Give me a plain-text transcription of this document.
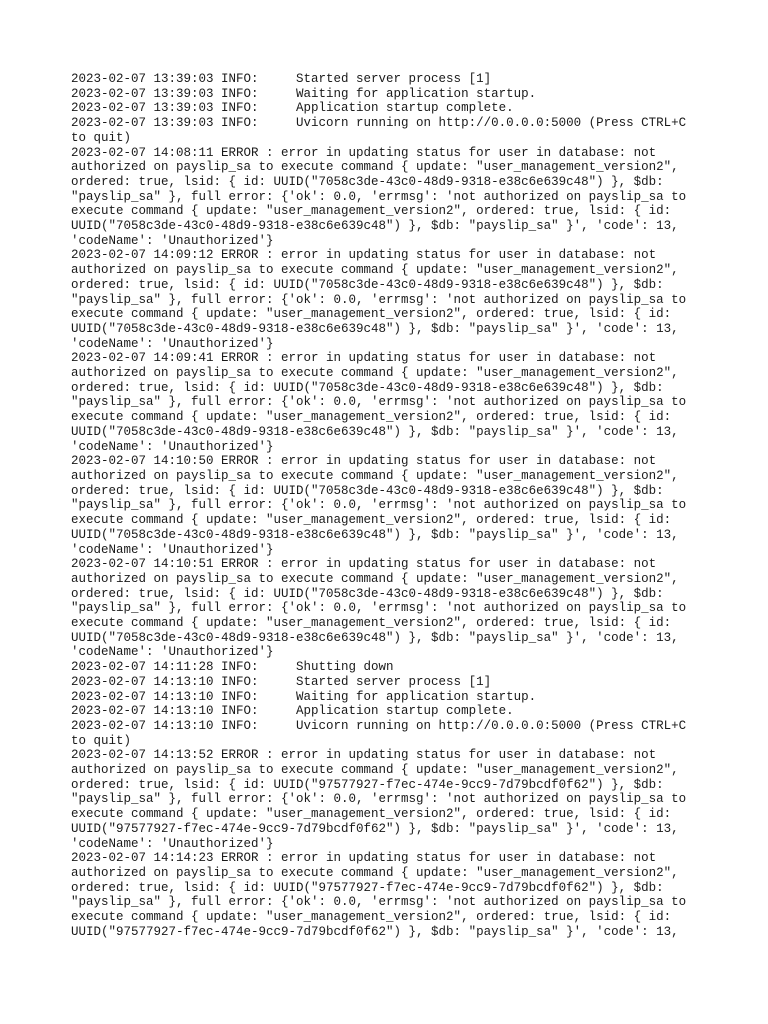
2023-02-07 13:39:03 INFO:     Started server process [1]
2023-02-07 13:39:03 INFO:     Waiting for application startup.
2023-02-07 13:39:03 INFO:     Application startup complete.
2023-02-07 13:39:03 INFO:     Uvicorn running on http://0.0.0.0:5000 (Press CTRL+C
to quit)
2023-02-07 14:08:11 ERROR : error in updating status for user in database: not
authorized on payslip_sa to execute command { update: "user_management_version2",
ordered: true, lsid: { id: UUID("7058c3de-43c0-48d9-9318-e38c6e639c48") }, $db:
"payslip_sa" }, full error: {'ok': 0.0, 'errmsg': 'not authorized on payslip_sa to
execute command { update: "user_management_version2", ordered: true, lsid: { id:
UUID("7058c3de-43c0-48d9-9318-e38c6e639c48") }, $db: "payslip_sa" }', 'code': 13,
'codeName': 'Unauthorized'}
2023-02-07 14:09:12 ERROR : error in updating status for user in database: not
authorized on payslip_sa to execute command { update: "user_management_version2",
ordered: true, lsid: { id: UUID("7058c3de-43c0-48d9-9318-e38c6e639c48") }, $db:
"payslip_sa" }, full error: {'ok': 0.0, 'errmsg': 'not authorized on payslip_sa to
execute command { update: "user_management_version2", ordered: true, lsid: { id:
UUID("7058c3de-43c0-48d9-9318-e38c6e639c48") }, $db: "payslip_sa" }', 'code': 13,
'codeName': 'Unauthorized'}
2023-02-07 14:09:41 ERROR : error in updating status for user in database: not
authorized on payslip_sa to execute command { update: "user_management_version2",
ordered: true, lsid: { id: UUID("7058c3de-43c0-48d9-9318-e38c6e639c48") }, $db:
"payslip_sa" }, full error: {'ok': 0.0, 'errmsg': 'not authorized on payslip_sa to
execute command { update: "user_management_version2", ordered: true, lsid: { id:
UUID("7058c3de-43c0-48d9-9318-e38c6e639c48") }, $db: "payslip_sa" }', 'code': 13,
'codeName': 'Unauthorized'}
2023-02-07 14:10:50 ERROR : error in updating status for user in database: not
authorized on payslip_sa to execute command { update: "user_management_version2",
ordered: true, lsid: { id: UUID("7058c3de-43c0-48d9-9318-e38c6e639c48") }, $db:
"payslip_sa" }, full error: {'ok': 0.0, 'errmsg': 'not authorized on payslip_sa to
execute command { update: "user_management_version2", ordered: true, lsid: { id:
UUID("7058c3de-43c0-48d9-9318-e38c6e639c48") }, $db: "payslip_sa" }', 'code': 13,
'codeName': 'Unauthorized'}
2023-02-07 14:10:51 ERROR : error in updating status for user in database: not
authorized on payslip_sa to execute command { update: "user_management_version2",
ordered: true, lsid: { id: UUID("7058c3de-43c0-48d9-9318-e38c6e639c48") }, $db:
"payslip_sa" }, full error: {'ok': 0.0, 'errmsg': 'not authorized on payslip_sa to
execute command { update: "user_management_version2", ordered: true, lsid: { id:
UUID("7058c3de-43c0-48d9-9318-e38c6e639c48") }, $db: "payslip_sa" }', 'code': 13,
'codeName': 'Unauthorized'}
2023-02-07 14:11:28 INFO:     Shutting down
2023-02-07 14:13:10 INFO:     Started server process [1]
2023-02-07 14:13:10 INFO:     Waiting for application startup.
2023-02-07 14:13:10 INFO:     Application startup complete.
2023-02-07 14:13:10 INFO:     Uvicorn running on http://0.0.0.0:5000 (Press CTRL+C
to quit)
2023-02-07 14:13:52 ERROR : error in updating status for user in database: not
authorized on payslip_sa to execute command { update: "user_management_version2",
ordered: true, lsid: { id: UUID("97577927-f7ec-474e-9cc9-7d79bcdf0f62") }, $db:
"payslip_sa" }, full error: {'ok': 0.0, 'errmsg': 'not authorized on payslip_sa to
execute command { update: "user_management_version2", ordered: true, lsid: { id:
UUID("97577927-f7ec-474e-9cc9-7d79bcdf0f62") }, $db: "payslip_sa" }', 'code': 13,
'codeName': 'Unauthorized'}
2023-02-07 14:14:23 ERROR : error in updating status for user in database: not
authorized on payslip_sa to execute command { update: "user_management_version2",
ordered: true, lsid: { id: UUID("97577927-f7ec-474e-9cc9-7d79bcdf0f62") }, $db:
"payslip_sa" }, full error: {'ok': 0.0, 'errmsg': 'not authorized on payslip_sa to
execute command { update: "user_management_version2", ordered: true, lsid: { id:
UUID("97577927-f7ec-474e-9cc9-7d79bcdf0f62") }, $db: "payslip_sa" }', 'code': 13,
